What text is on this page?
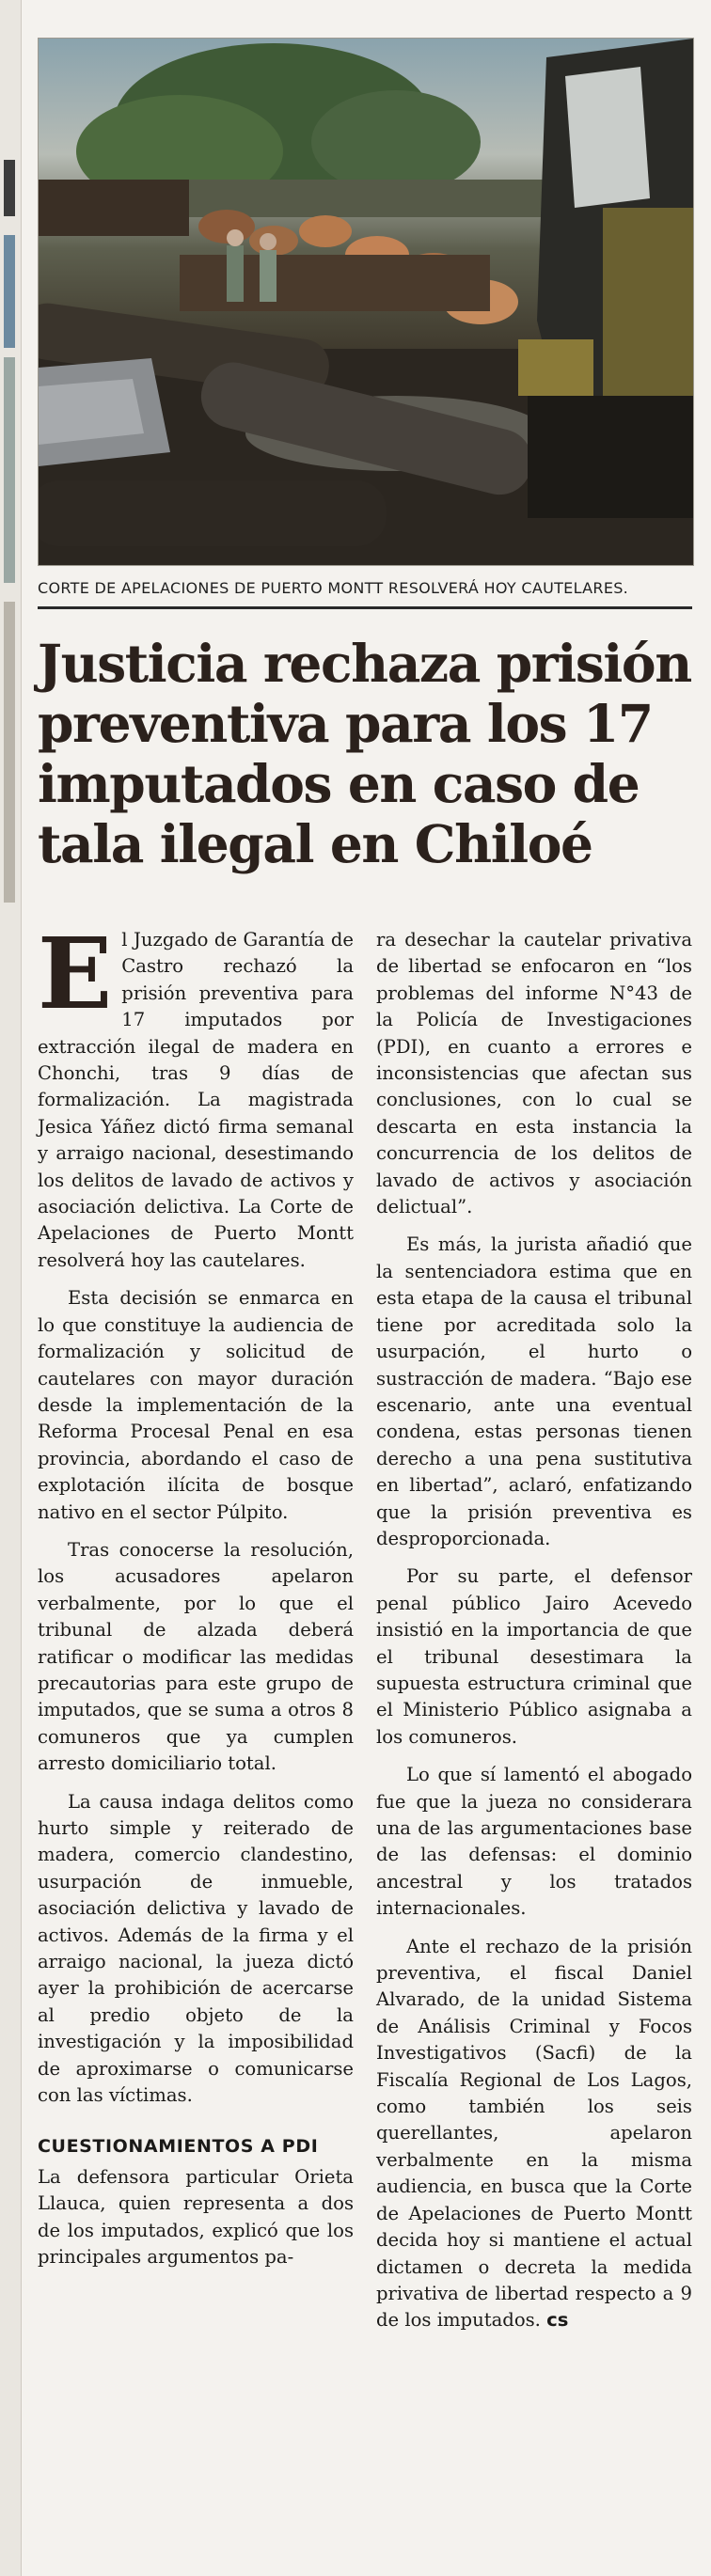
CORTE DE APELACIONES DE PUERTO MONTT RESOLVERÁ HOY CAUTELARES.
Justicia rechaza prisión preventiva para los 17 imputados en caso de tala ilegal en Chiloé

El Juzgado de Garantía de Castro rechazó la prisión preventiva para 17 imputados por extracción ilegal de madera en Chonchi, tras 9 días de formalización. La magistrada Jesica Yáñez dictó firma semanal y arraigo nacional, desestimando los delitos de lavado de activos y asociación delictiva. La Corte de Apelaciones de Puerto Montt resolverá hoy las cautelares.

Esta decisión se enmarca en lo que constituye la audiencia de formalización y solicitud de cautelares con mayor duración desde la implementación de la Reforma Procesal Penal en esa provincia, abordando el caso de explotación ilícita de bosque nativo en el sector Púlpito.

Tras conocerse la resolución, los acusadores apelaron verbalmente, por lo que el tribunal de alzada deberá ratificar o modificar las medidas precautorias para este grupo de imputados, que se suma a otros 8 comuneros que ya cumplen arresto domiciliario total.

La causa indaga delitos como hurto simple y reiterado de madera, comercio clandestino, usurpación de inmueble, asociación delictiva y lavado de activos. Además de la firma y el arraigo nacional, la jueza dictó ayer la prohibición de acercarse al predio objeto de la investigación y la imposibilidad de aproximarse o comunicarse con las víctimas.

CUESTIONAMIENTOS A PDI

La defensora particular Orieta Llauca, quien representa a dos de los imputados, explicó que los principales argumentos pa-

ra desechar la cautelar privativa de libertad se enfocaron en “los problemas del informe N°43 de la Policía de Investigaciones (PDI), en cuanto a errores e inconsistencias que afectan sus conclusiones, con lo cual se descarta en esta instancia la concurrencia de los delitos de lavado de activos y asociación delictual”.

Es más, la jurista añadió que la sentenciadora estima que en esta etapa de la causa el tribunal tiene por acreditada solo la usurpación, el hurto o sustracción de madera. “Bajo ese escenario, ante una eventual condena, estas personas tienen derecho a una pena sustitutiva en libertad”, aclaró, enfatizando que la prisión preventiva es desproporcionada.

Por su parte, el defensor penal público Jairo Acevedo insistió en la importancia de que el tribunal desestimara la supuesta estructura criminal que el Ministerio Público asignaba a los comuneros.

Lo que sí lamentó el abogado fue que la jueza no considerara una de las argumentaciones base de las defensas: el dominio ancestral y los tratados internacionales.

Ante el rechazo de la prisión preventiva, el fiscal Daniel Alvarado, de la unidad Sistema de Análisis Criminal y Focos Investigativos (Sacfi) de la Fiscalía Regional de Los Lagos, como también los seis querellantes, apelaron verbalmente en la misma audiencia, en busca que la Corte de Apelaciones de Puerto Montt decida hoy si mantiene el actual dictamen o decreta la medida privativa de libertad respecto a 9 de los imputados. cs
